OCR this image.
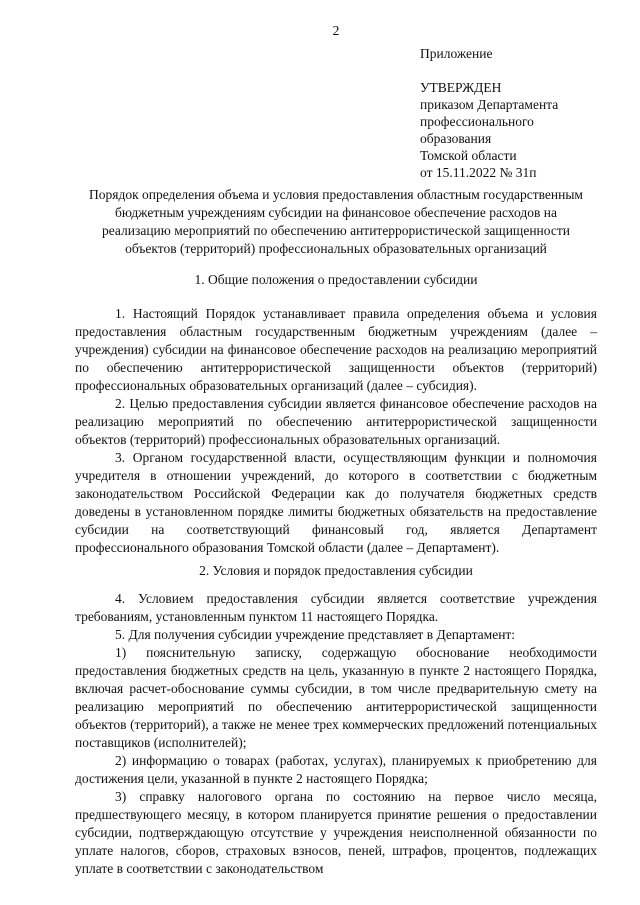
2
Приложение
УТВЕРЖДЕН
приказом Департамента
профессионального
образования
Томской области
от 15.11.2022 № 31п
Порядок определения объема и условия предоставления областным государственным
бюджетным учреждениям субсидии на финансовое обеспечение расходов на
реализацию мероприятий по обеспечению антитеррористической защищенности
объектов (территорий) профессиональных образовательных организаций
1. Общие положения о предоставлении субсидии

1. Настоящий Порядок устанавливает правила определения объема и условия предоставления областным государственным бюджетным учреждениям (далее – учреждения) субсидии на финансовое обеспечение расходов на реализацию мероприятий по обеспечению антитеррористической защищенности объектов (территорий) профессиональных образовательных организаций (далее – субсидия).

2. Целью предоставления субсидии является финансовое обеспечение расходов на реализацию мероприятий по обеспечению антитеррористической защищенности объектов (территорий) профессиональных образовательных организаций.

3. Органом государственной власти, осуществляющим функции и полномочия учредителя в отношении учреждений, до которого в соответствии с бюджетным законодательством Российской Федерации как до получателя бюджетных средств доведены в установленном порядке лимиты бюджетных обязательств на предоставление субсидии на соответствующий финансовый год, является Департамент профессионального образования Томской области (далее – Департамент).

2. Условия и порядок предоставления субсидии

4. Условием предоставления субсидии является соответствие учреждения требованиям, установленным пунктом 11 настоящего Порядка.

5. Для получения субсидии учреждение представляет в Департамент:

1) пояснительную записку, содержащую обоснование необходимости предоставления бюджетных средств на цель, указанную в пункте 2 настоящего Порядка, включая расчет-обоснование суммы субсидии, в том числе предварительную смету на реализацию мероприятий по обеспечению антитеррористической защищенности объектов (территорий), а также не менее трех коммерческих предложений потенциальных поставщиков (исполнителей);

2) информацию о товарах (работах, услугах), планируемых к приобретению для достижения цели, указанной в пункте 2 настоящего Порядка;

3) справку налогового органа по состоянию на первое число месяца, предшествующего месяцу, в котором планируется принятие решения о предоставлении субсидии, подтверждающую отсутствие у учреждения неисполненной обязанности по уплате налогов, сборов, страховых взносов, пеней, штрафов, процентов, подлежащих уплате в соответствии с законодательством
